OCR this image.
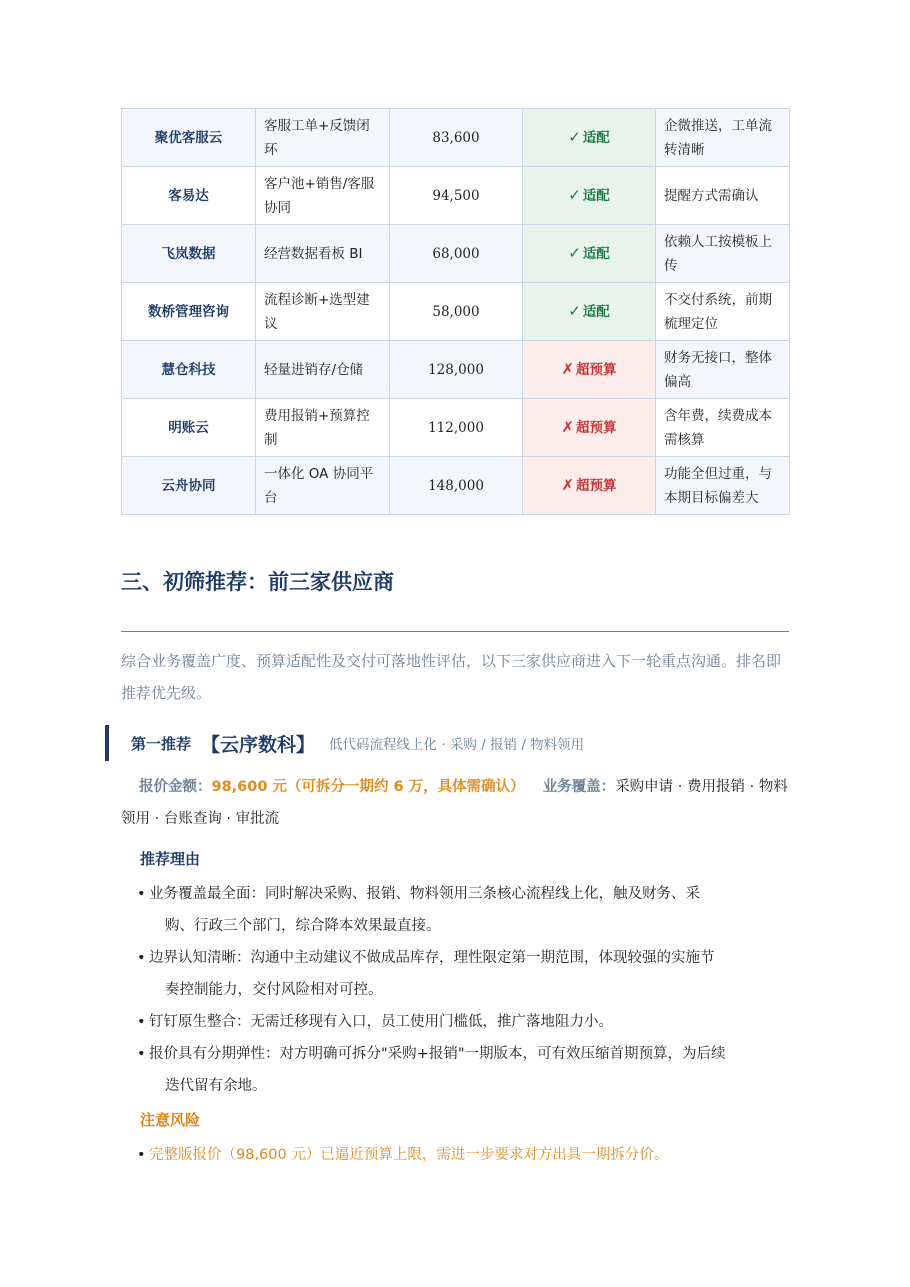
聚优客服云	客服工单+反馈闭环	83,600	✓ 适配	企微推送，工单流转清晰
客易达	客户池+销售/客服协同	94,500	✓ 适配	提醒方式需确认
飞岚数据	经营数据看板 BI	68,000	✓ 适配	依赖人工按模板上传
数桥管理咨询	流程诊断+选型建议	58,000	✓ 适配	不交付系统，前期梳理定位
慧仓科技	轻量进销存/仓储	128,000	✗ 超预算	财务无接口，整体偏高
明账云	费用报销+预算控制	112,000	✗ 超预算	含年费，续费成本需核算
云舟协同	一体化 OA 协同平台	148,000	✗ 超预算	功能全但过重，与本期目标偏差大
三、初筛推荐：前三家供应商

综合业务覆盖广度、预算适配性及交付可落地性评估，以下三家供应商进入下一轮重点沟通。排名即推荐优先级。

第一推荐 【云序数科】 低代码流程线上化 · 采购 / 报销 / 物料领用

报价金额：98,600 元（可拆分一期约 6 万，具体需确认） 业务覆盖：采购申请 · 费用报销 · 物料领用 · 台账查询 · 审批流

推荐理由
• 业务覆盖最全面：同时解决采购、报销、物料领用三条核心流程线上化，触及财务、采
购、行政三个部门，综合降本效果最直接。
• 边界认知清晰：沟通中主动建议不做成品库存，理性限定第一期范围，体现较强的实施节
奏控制能力，交付风险相对可控。
• 钉钉原生整合：无需迁移现有入口，员工使用门槛低，推广落地阻力小。
• 报价具有分期弹性：对方明确可拆分"采购+报销"一期版本，可有效压缩首期预算，为后续
迭代留有余地。
注意风险
• 完整版报价（98,600 元）已逼近预算上限，需进一步要求对方出具一期拆分价。
